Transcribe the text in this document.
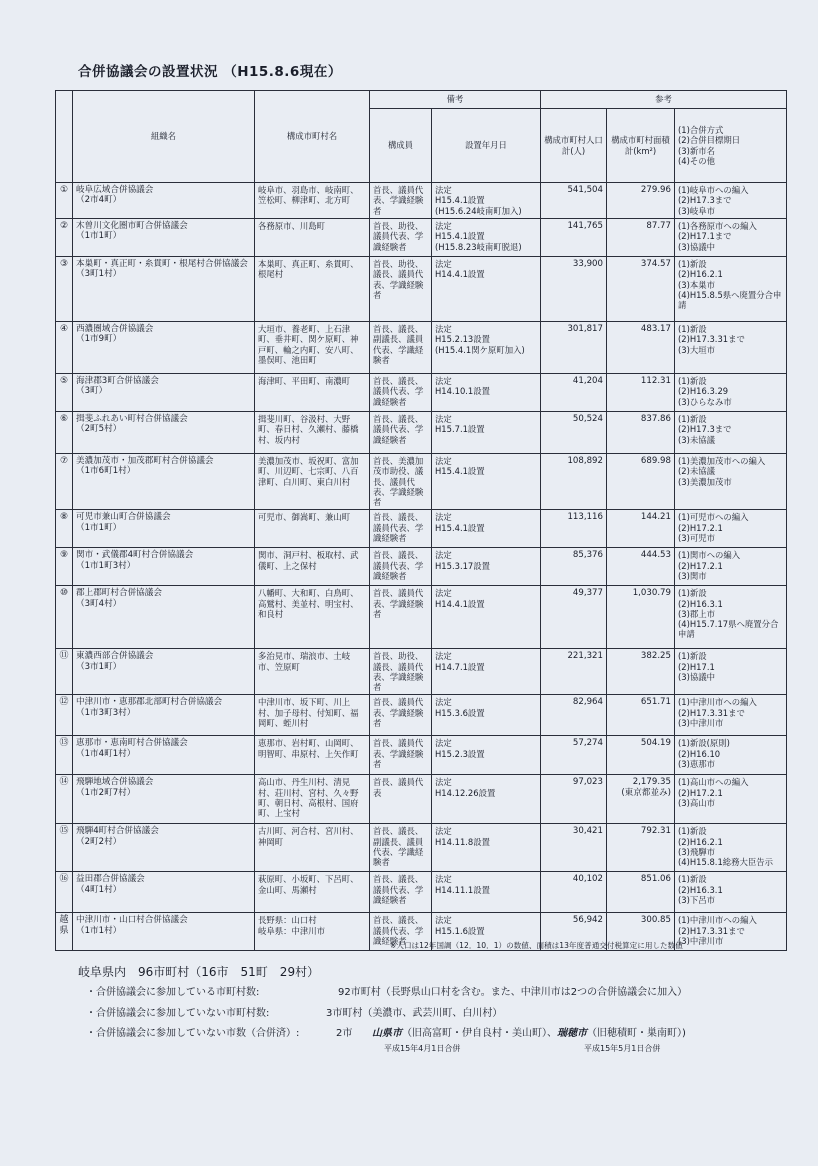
合併協議会の設置状況 （H15.8.6現在）
	組織名	構成市町村名	備考		参考		
			構成員	設置年月日	構成市町村人口計(人)	構成市町村面積計(km²)	(1)合併方式
(2)合併目標期日
(3)新市名
(4)その他
①	岐阜広域合併協議会
（2市4町）	岐阜市、羽島市、岐南町、笠松町、柳津町、北方町	首長、議員代表、学識経験者	法定
H15.4.1設置
(H15.6.24岐南町加入)	541,504	279.96	(1)岐阜市への編入
(2)H17.3まで
(3)岐阜市
②	木曽川文化圏市町合併協議会
（1市1町）	各務原市、川島町	首長、助役、議員代表、学識経験者	法定
H15.4.1設置
(H15.8.23岐南町脱退)	141,765	87.77	(1)各務原市への編入
(2)H17.1まで
(3)協議中
③	本巣町・真正町・糸貫町・根尾村合併協議会
（3町1村）	本巣町、真正町、糸貫町、根尾村	首長、助役、議長、議員代表、学識経験者	法定
H14.4.1設置	33,900	374.57	(1)新設
(2)H16.2.1
(3)本巣市
(4)H15.8.5県へ廃置分合申請
④	西濃圏域合併協議会
（1市9町）	大垣市、養老町、上石津町、垂井町、関ケ原町、神戸町、輪之内町、安八町、墨俣町、池田町	首長、議長、副議長、議員代表、学識経験者	法定
H15.2.13設置
(H15.4.1関ケ原町加入)	301,817	483.17	(1)新設
(2)H17.3.31まで
(3)大垣市
⑤	海津郡3町合併協議会
（3町）	海津町、平田町、南濃町	首長、議長、議員代表、学識経験者	法定
H14.10.1設置	41,204	112.31	(1)新設
(2)H16.3.29
(3)ひらなみ市
⑥	揖斐ふれあい町村合併協議会
（2町5村）	揖斐川町、谷汲村、大野町、春日村、久瀬村、藤橋村、坂内村	首長、議長、議員代表、学識経験者	法定
H15.7.1設置	50,524	837.86	(1)新設
(2)H17.3まで
(3)未協議
⑦	美濃加茂市・加茂郡町村合併協議会
（1市6町1村）	美濃加茂市、坂祝町、富加町、川辺町、七宗町、八百津町、白川町、東白川村	首長、美濃加茂市助役、議長、議員代表、学識経験者	法定
H15.4.1設置	108,892	689.98	(1)美濃加茂市への編入
(2)未協議
(3)美濃加茂市
⑧	可児市兼山町合併協議会
（1市1町）	可児市、御嵩町、兼山町	首長、議長、議員代表、学識経験者	法定
H15.4.1設置	113,116	144.21	(1)可児市への編入
(2)H17.2.1
(3)可児市
⑨	関市・武儀郡4町村合併協議会
（1市1町3村）	関市、洞戸村、板取村、武儀町、上之保村	首長、議長、議員代表、学識経験者	法定
H15.3.17設置	85,376	444.53	(1)関市への編入
(2)H17.2.1
(3)関市
⑩	郡上郡町村合併協議会
（3町4村）	八幡町、大和町、白鳥町、高鷲村、美並村、明宝村、和良村	首長、議員代表、学識経験者	法定
H14.4.1設置	49,377	1,030.79	(1)新設
(2)H16.3.1
(3)郡上市
(4)H15.7.17県へ廃置分合申請
⑪	東濃西部合併協議会
（3市1町）	多治見市、瑞浪市、土岐市、笠原町	首長、助役、議長、議員代表、学識経験者	法定
H14.7.1設置	221,321	382.25	(1)新設
(2)H17.1
(3)協議中
⑫	中津川市・恵那郡北部町村合併協議会
（1市3町3村）	中津川市、坂下町、川上村、加子母村、付知町、福岡町、蛭川村	首長、議員代表、学識経験者	法定
H15.3.6設置	82,964	651.71	(1)中津川市への編入
(2)H17.3.31まで
(3)中津川市
⑬	恵那市・恵南町村合併協議会
（1市4町1村）	恵那市、岩村町、山岡町、明智町、串原村、上矢作町	首長、議員代表、学識経験者	法定
H15.2.3設置	57,274	504.19	(1)新設(原則)
(2)H16.10
(3)恵那市
⑭	飛騨地域合併協議会
（1市2町7村）	高山市、丹生川村、清見村、荘川村、宮村、久々野町、朝日村、高根村、国府町、上宝村	首長、議員代表	法定
H14.12.26設置	97,023	2,179.35
(東京都並み)	(1)高山市への編入
(2)H17.2.1
(3)高山市
⑮	飛騨4町村合併協議会
（2町2村）	古川町、河合村、宮川村、神岡町	首長、議長、副議長、議員代表、学識経験者	法定
H14.11.8設置	30,421	792.31	(1)新設
(2)H16.2.1
(3)飛騨市
(4)H15.8.1総務大臣告示
⑯	益田郡合併協議会
（4町1村）	萩原町、小坂町、下呂町、金山町、馬瀬村	首長、議長、議員代表、学識経験者	法定
H14.11.1設置	40,102	851.06	(1)新設
(2)H16.3.1
(3)下呂市
越県	中津川市・山口村合併協議会
（1市1村）	長野県：山口村
岐阜県：中津川市	首長、議長、議員代表、学識経験者	法定
H15.1.6設置	56,942	300.85	(1)中津川市への編入
(2)H17.3.31まで
(3)中津川市
※人口は12年国調（12．10．1）の数値、面積は13年度普通交付税算定に用した数値
岐阜県内　96市町村（16市　51町　29村）
・合併協議会に参加している市町村数:	92市町村（長野県山口村を含む。また、中津川市は2つの合併協議会に加入）
・合併協議会に参加していない市町村数:	3市町村（美濃市、武芸川町、白川村）
・合併協議会に参加していない市数（合併済）:	2市 山県市（旧高富町・伊自良村・美山町）、瑞穂市（旧穂積町・巣南町）)
平成15年4月1日合併	平成15年5月1日合併
